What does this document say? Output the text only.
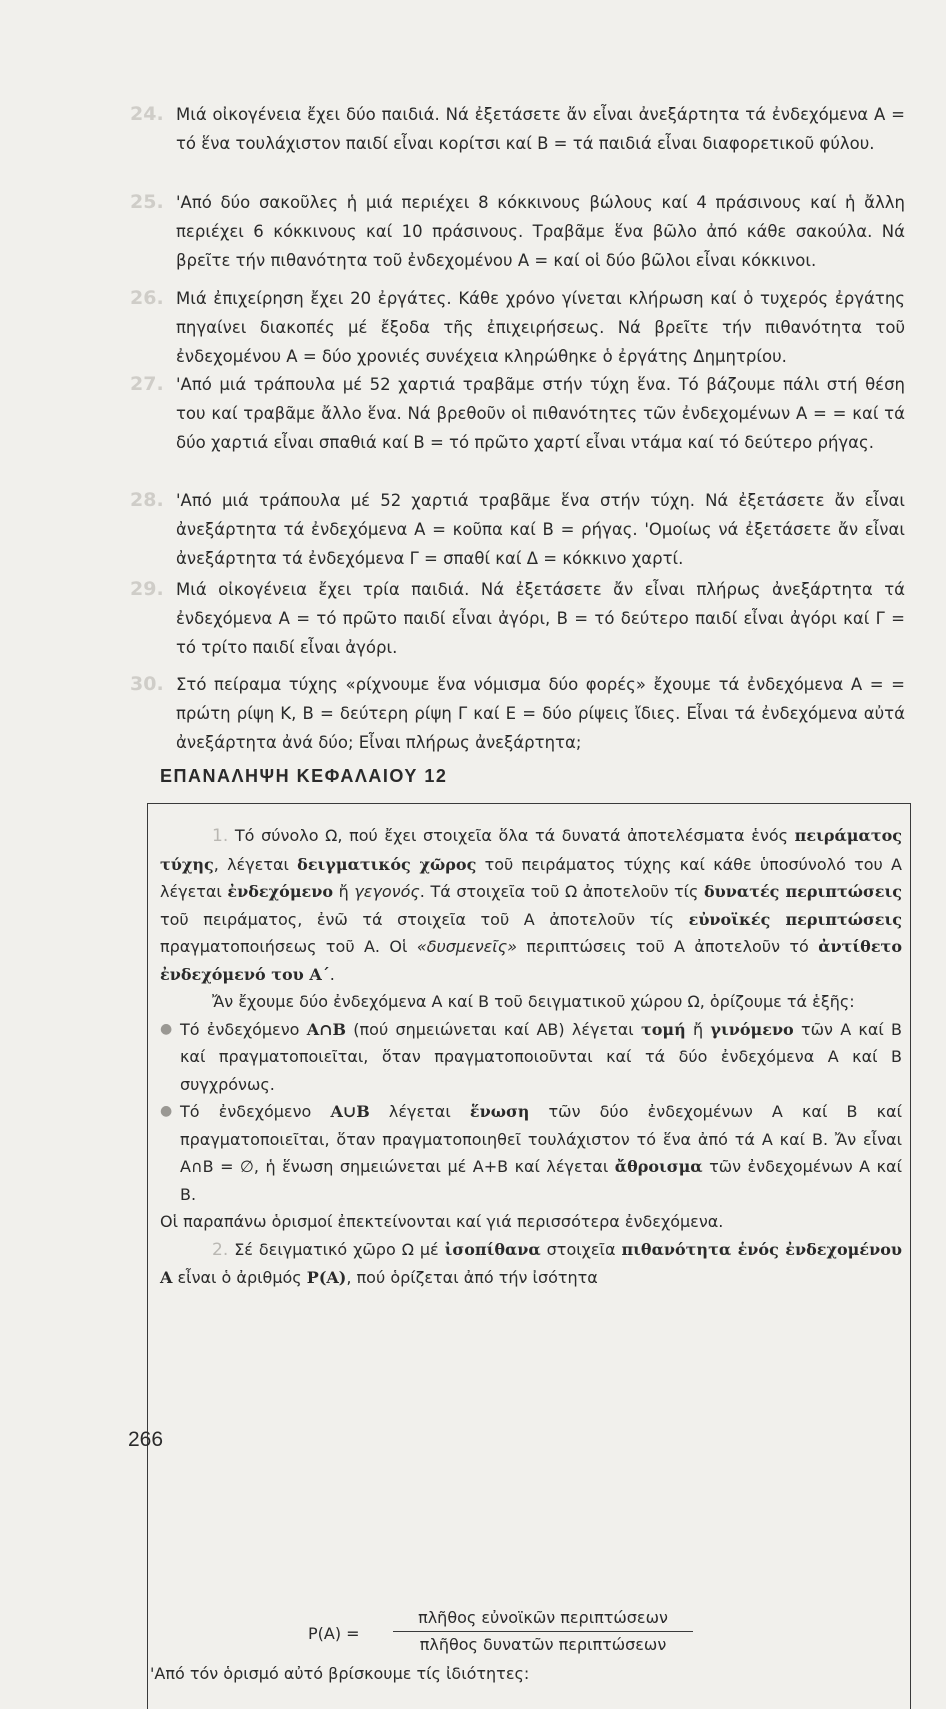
24. Μιά οἰκογένεια ἔχει δύο παιδιά. Νά ἐξετάσετε ἄν εἶναι ἀνεξάρτητα τά ἐνδεχόμενα Α = τό ἕνα τουλάχιστον παιδί εἶναι κορίτσι καί Β = τά παιδιά εἶναι διαφορετικοῦ φύλου.
25. 'Από δύο σακοῦλες ἡ μιά περιέχει 8 κόκκινους βώλους καί 4 πράσινους καί ἡ ἄλλη περιέχει 6 κόκκινους καί 10 πράσινους. Τραβᾶμε ἕνα βῶλο ἀπό κάθε σακούλα. Νά βρεῖτε τήν πιθανότητα τοῦ ἐνδεχομένου Α = καί οἱ δύο βῶλοι εἶναι κόκκινοι.
26. Μιά ἐπιχείρηση ἔχει 20 ἐργάτες. Κάθε χρόνο γίνεται κλήρωση καί ὁ τυχερός ἐργάτης πηγαίνει διακοπές μέ ἔξοδα τῆς ἐπιχειρήσεως. Νά βρεῖτε τήν πιθανότητα τοῦ ἐνδεχομένου Α = δύο χρονιές συνέχεια κληρώθηκε ὁ ἐργάτης Δημητρίου.
27. 'Από μιά τράπουλα μέ 52 χαρτιά τραβᾶμε στήν τύχη ἕνα. Τό βάζουμε πάλι στή θέση του καί τραβᾶμε ἄλλο ἕνα. Νά βρεθοῦν οἱ πιθανότητες τῶν ἐνδεχομένων Α = = καί τά δύο χαρτιά εἶναι σπαθιά καί Β = τό πρῶτο χαρτί εἶναι ντάμα καί τό δεύτερο ρήγας.
28. 'Από μιά τράπουλα μέ 52 χαρτιά τραβᾶμε ἕνα στήν τύχη. Νά ἐξετάσετε ἄν εἶναι ἀνεξάρτητα τά ἐνδεχόμενα Α = κοῦπα καί Β = ρήγας. 'Ομοίως νά ἐξετάσετε ἄν εἶναι ἀνεξάρτητα τά ἐνδεχόμενα Γ = σπαθί καί Δ = κόκκινο χαρτί.
29. Μιά οἰκογένεια ἔχει τρία παιδιά. Νά ἐξετάσετε ἄν εἶναι πλήρως ἀνεξάρτητα τά ἐνδεχόμενα Α = τό πρῶτο παιδί εἶναι ἀγόρι, Β = τό δεύτερο παιδί εἶναι ἀγόρι καί Γ = τό τρίτο παιδί εἶναι ἀγόρι.
30. Στό πείραμα τύχης «ρίχνουμε ἕνα νόμισμα δύο φορές» ἔχουμε τά ἐνδεχόμενα Α = = πρώτη ρίψη Κ, Β = δεύτερη ρίψη Γ καί Ε = δύο ρίψεις ἴδιες. Εἶναι τά ἐνδεχόμενα αὐτά ἀνεξάρτητα ἀνά δύο; Εἶναι πλήρως ἀνεξάρτητα;
ΕΠΑΝΑΛΗΨΗ ΚΕΦΑΛΑΙΟΥ 12

1. Τό σύνολο Ω, πού ἔχει στοιχεῖα ὅλα τά δυνατά ἀποτελέσματα ἑνός πειράματος τύχης, λέγεται δειγματικός χῶρος τοῦ πειράματος τύχης καί κάθε ὑποσύνολό του Α λέγεται ἐνδεχόμενο ἤ γεγονός. Τά στοιχεῖα τοῦ Ω ἀποτελοῦν τίς δυνατές περιπτώσεις τοῦ πειράματος, ἐνῶ τά στοιχεῖα τοῦ Α ἀποτελοῦν τίς εὐνοϊκές περιπτώσεις πραγματοποιήσεως τοῦ Α. Οἱ «δυσμενεῖς» περιπτώσεις τοῦ Α ἀποτελοῦν τό ἀντίθετο ἐνδεχόμενό του Α΄.

Ἄν ἔχουμε δύο ἐνδεχόμενα Α καί Β τοῦ δειγματικοῦ χώρου Ω, ὁρίζουμε τά ἑξῆς:

● Τό ἐνδεχόμενο Α∩Β (πού σημειώνεται καί ΑΒ) λέγεται τομή ἤ γινόμενο τῶν Α καί Β καί πραγματοποιεῖται, ὅταν πραγματοποιοῦνται καί τά δύο ἐνδεχόμενα Α καί Β συγχρόνως.

● Τό ἐνδεχόμενο Α∪Β λέγεται ἕνωση τῶν δύο ἐνδεχομένων Α καί Β καί πραγματοποιεῖται, ὅταν πραγματοποιηθεῖ τουλάχιστον τό ἕνα ἀπό τά Α καί Β. Ἄν εἶναι Α∩Β = ∅, ἡ ἕνωση σημειώνεται μέ Α+Β καί λέγεται ἄθροισμα τῶν ἐνδεχομένων Α καί Β.

Οἱ παραπάνω ὁρισμοί ἐπεκτείνονται καί γιά περισσότερα ἐνδεχόμενα.

2. Σέ δειγματικό χῶρο Ω μέ ἰσοπίθανα στοιχεῖα πιθανότητα ἑνός ἐνδεχομένου Α εἶναι ὁ ἀριθμός Ρ(Α), πού ὁρίζεται ἀπό τήν ἰσότητα

Ρ(Α) =
πλῆθος εὐνοϊκῶν περιπτώσεων
πλῆθος δυνατῶν περιπτώσεων
'Από τόν ὁρισμό αὐτό βρίσκουμε τίς ἰδιότητες:
266
